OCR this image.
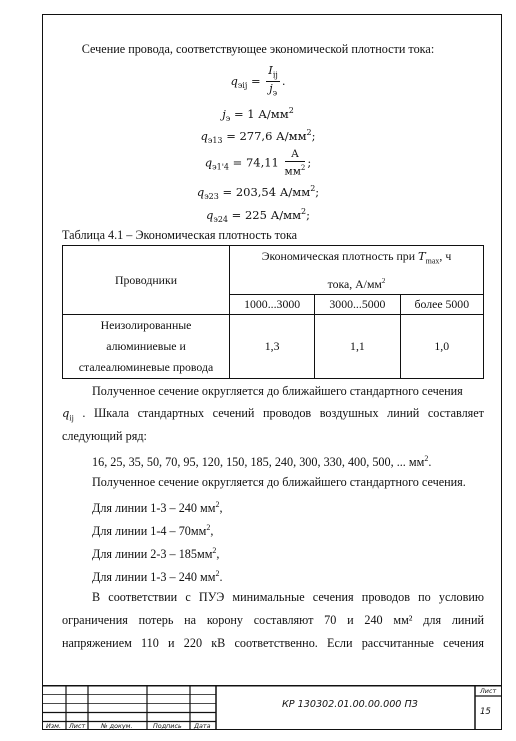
Сечение провода, соответствующее экономической плотности тока:
$q_{эij} = \frac{I_{ij}}{j_э}$ .
$j_э = 1$ $А/мм^2$
$q_{э13} = 277,6$ $А/мм^2$;
$q_{э1'4} = 74,11 \frac{А}{мм^2}$ ;
$q_{э23} = 203,54$ $А/мм^2$;
$q_{э24} = 225$ $А/мм^2$;
Таблица 4.1 – Экономическая плотность тока
Проводники	Экономическая плотность при $T_{max}$, ч
тока, $А/мм^2$
	1000...3000	3000...5000	более 5000
Неизолированные
алюминиевые и
сталеалюминевые провода	1,3	1,1	1,0
Полученное сечение округляется до ближайшего стандартного сечения
$q_{ij}$ . Шкала стандартных сечений проводов воздушных линий составляет
следующий ряд:
16, 25, 35, 50, 70, 95, 120, 150, 185, 240, 300, 330, 400, 500, ... $мм^2$.
Полученное сечение округляется до ближайшего стандартного сечения.
Для линии 1-3 – 240 $мм^2$,
Для линии $1-4 - 70мм^2$,
Для линии $2-3 - 185мм^2$,
Для линии 1-3 – 240 $мм^2$.
В соответствии с ПУЭ минимальные сечения проводов по условию
ограничения потерь на корону составляют 70 и 240 мм² для линий
напряжением 110 и 220 кВ соответственно. Если рассчитанные сечения
Изм. Лист № докум.	Подпись Дата
КР 130302.01.00.00.000 ПЗ
Лист
15
